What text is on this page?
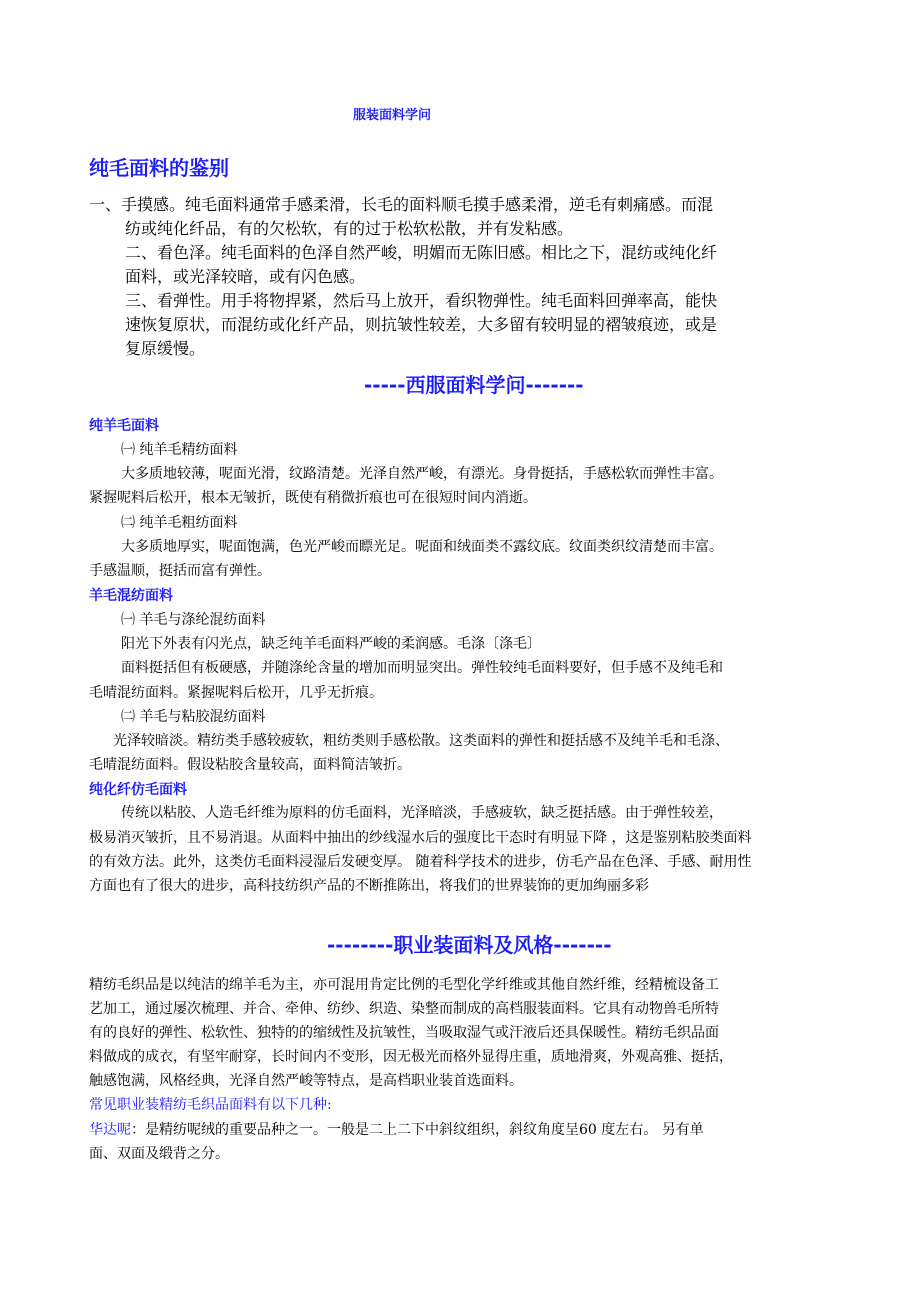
服装面料学问
纯毛面料的鉴别
一、手摸感。纯毛面料通常手感柔滑，长毛的面料顺毛摸手感柔滑，逆毛有刺痛感。而混
纺或纯化纤品，有的欠松软，有的过于松软松散，并有发粘感。
二、看色泽。纯毛面料的色泽自然严峻，明媚而无陈旧感。相比之下，混纺或纯化纤
面料，或光泽较暗，或有闪色感。
三、看弹性。用手将物捍紧，然后马上放开，看织物弹性。纯毛面料回弹率高，能快
速恢复原状，而混纺或化纤产品，则抗皱性较差，大多留有较明显的褶皱痕迹，或是
复原缓慢。
-----西服面料学问-------
纯羊毛面料
㈠ 纯羊毛精纺面料
大多质地较薄，呢面光滑，纹路清楚。光泽自然严峻，有漂光。身骨挺括，手感松软而弹性丰富。
紧握呢料后松开，根本无皱折，既使有稍微折痕也可在很短时间内消逝。
㈡ 纯羊毛粗纺面料
大多质地厚实，呢面饱满，色光严峻而瞟光足。呢面和绒面类不露纹底。纹面类织纹清楚而丰富。
手感温顺，挺括而富有弹性。
羊毛混纺面料
㈠ 羊毛与涤纶混纺面料
阳光下外表有闪光点，缺乏纯羊毛面料严峻的柔润感。毛涤〔涤毛〕
面料挺括但有板硬感，并随涤纶含量的增加而明显突出。弹性较纯毛面料要好，但手感不及纯毛和
毛晴混纺面料。紧握呢料后松开，几乎无折痕。
㈡ 羊毛与粘胶混纺面料
光泽较暗淡。精纺类手感较疲软，粗纺类则手感松散。这类面料的弹性和挺括感不及纯羊毛和毛涤、
毛晴混纺面料。假设粘胶含量较高，面料简洁皱折。
纯化纤仿毛面料
传统以粘胶、人造毛纤维为原料的仿毛面料，光泽暗淡，手感疲软，缺乏挺括感。由于弹性较差，
极易消灭皱折，且不易消退。从面料中抽出的纱线湿水后的强度比干态时有明显下降 ，这是鉴别粘胶类面料
的有效方法。此外，这类仿毛面料浸湿后发硬变厚。 随着科学技术的进步，仿毛产品在色泽、手感、耐用性
方面也有了很大的进步，高科技纺织产品的不断推陈出，将我们的世界装饰的更加绚丽多彩
--------职业装面料及风格-------
精纺毛织品是以纯洁的绵羊毛为主，亦可混用肯定比例的毛型化学纤维或其他自然纤维，经精梳设备工
艺加工，通过屡次梳理、并合、牵伸、纺纱、织造、染整而制成的高档服装面料。它具有动物兽毛所特
有的良好的弹性、松软性、独特的的缩绒性及抗皱性，当吸取湿气或汗液后还具保暖性。精纺毛织品面
料做成的成衣，有坚牢耐穿，长时间内不变形，因无极光而格外显得庄重，质地滑爽，外观高雅、挺括，
触感饱满，风格经典，光泽自然严峻等特点，是高档职业装首选面料。
常见职业装精纺毛织品面料有以下几种:
华达呢：是精纺呢绒的重要品种之一。一般是二上二下中斜纹组织，斜纹角度呈60 度左右。 另有单
面、双面及缎背之分。
